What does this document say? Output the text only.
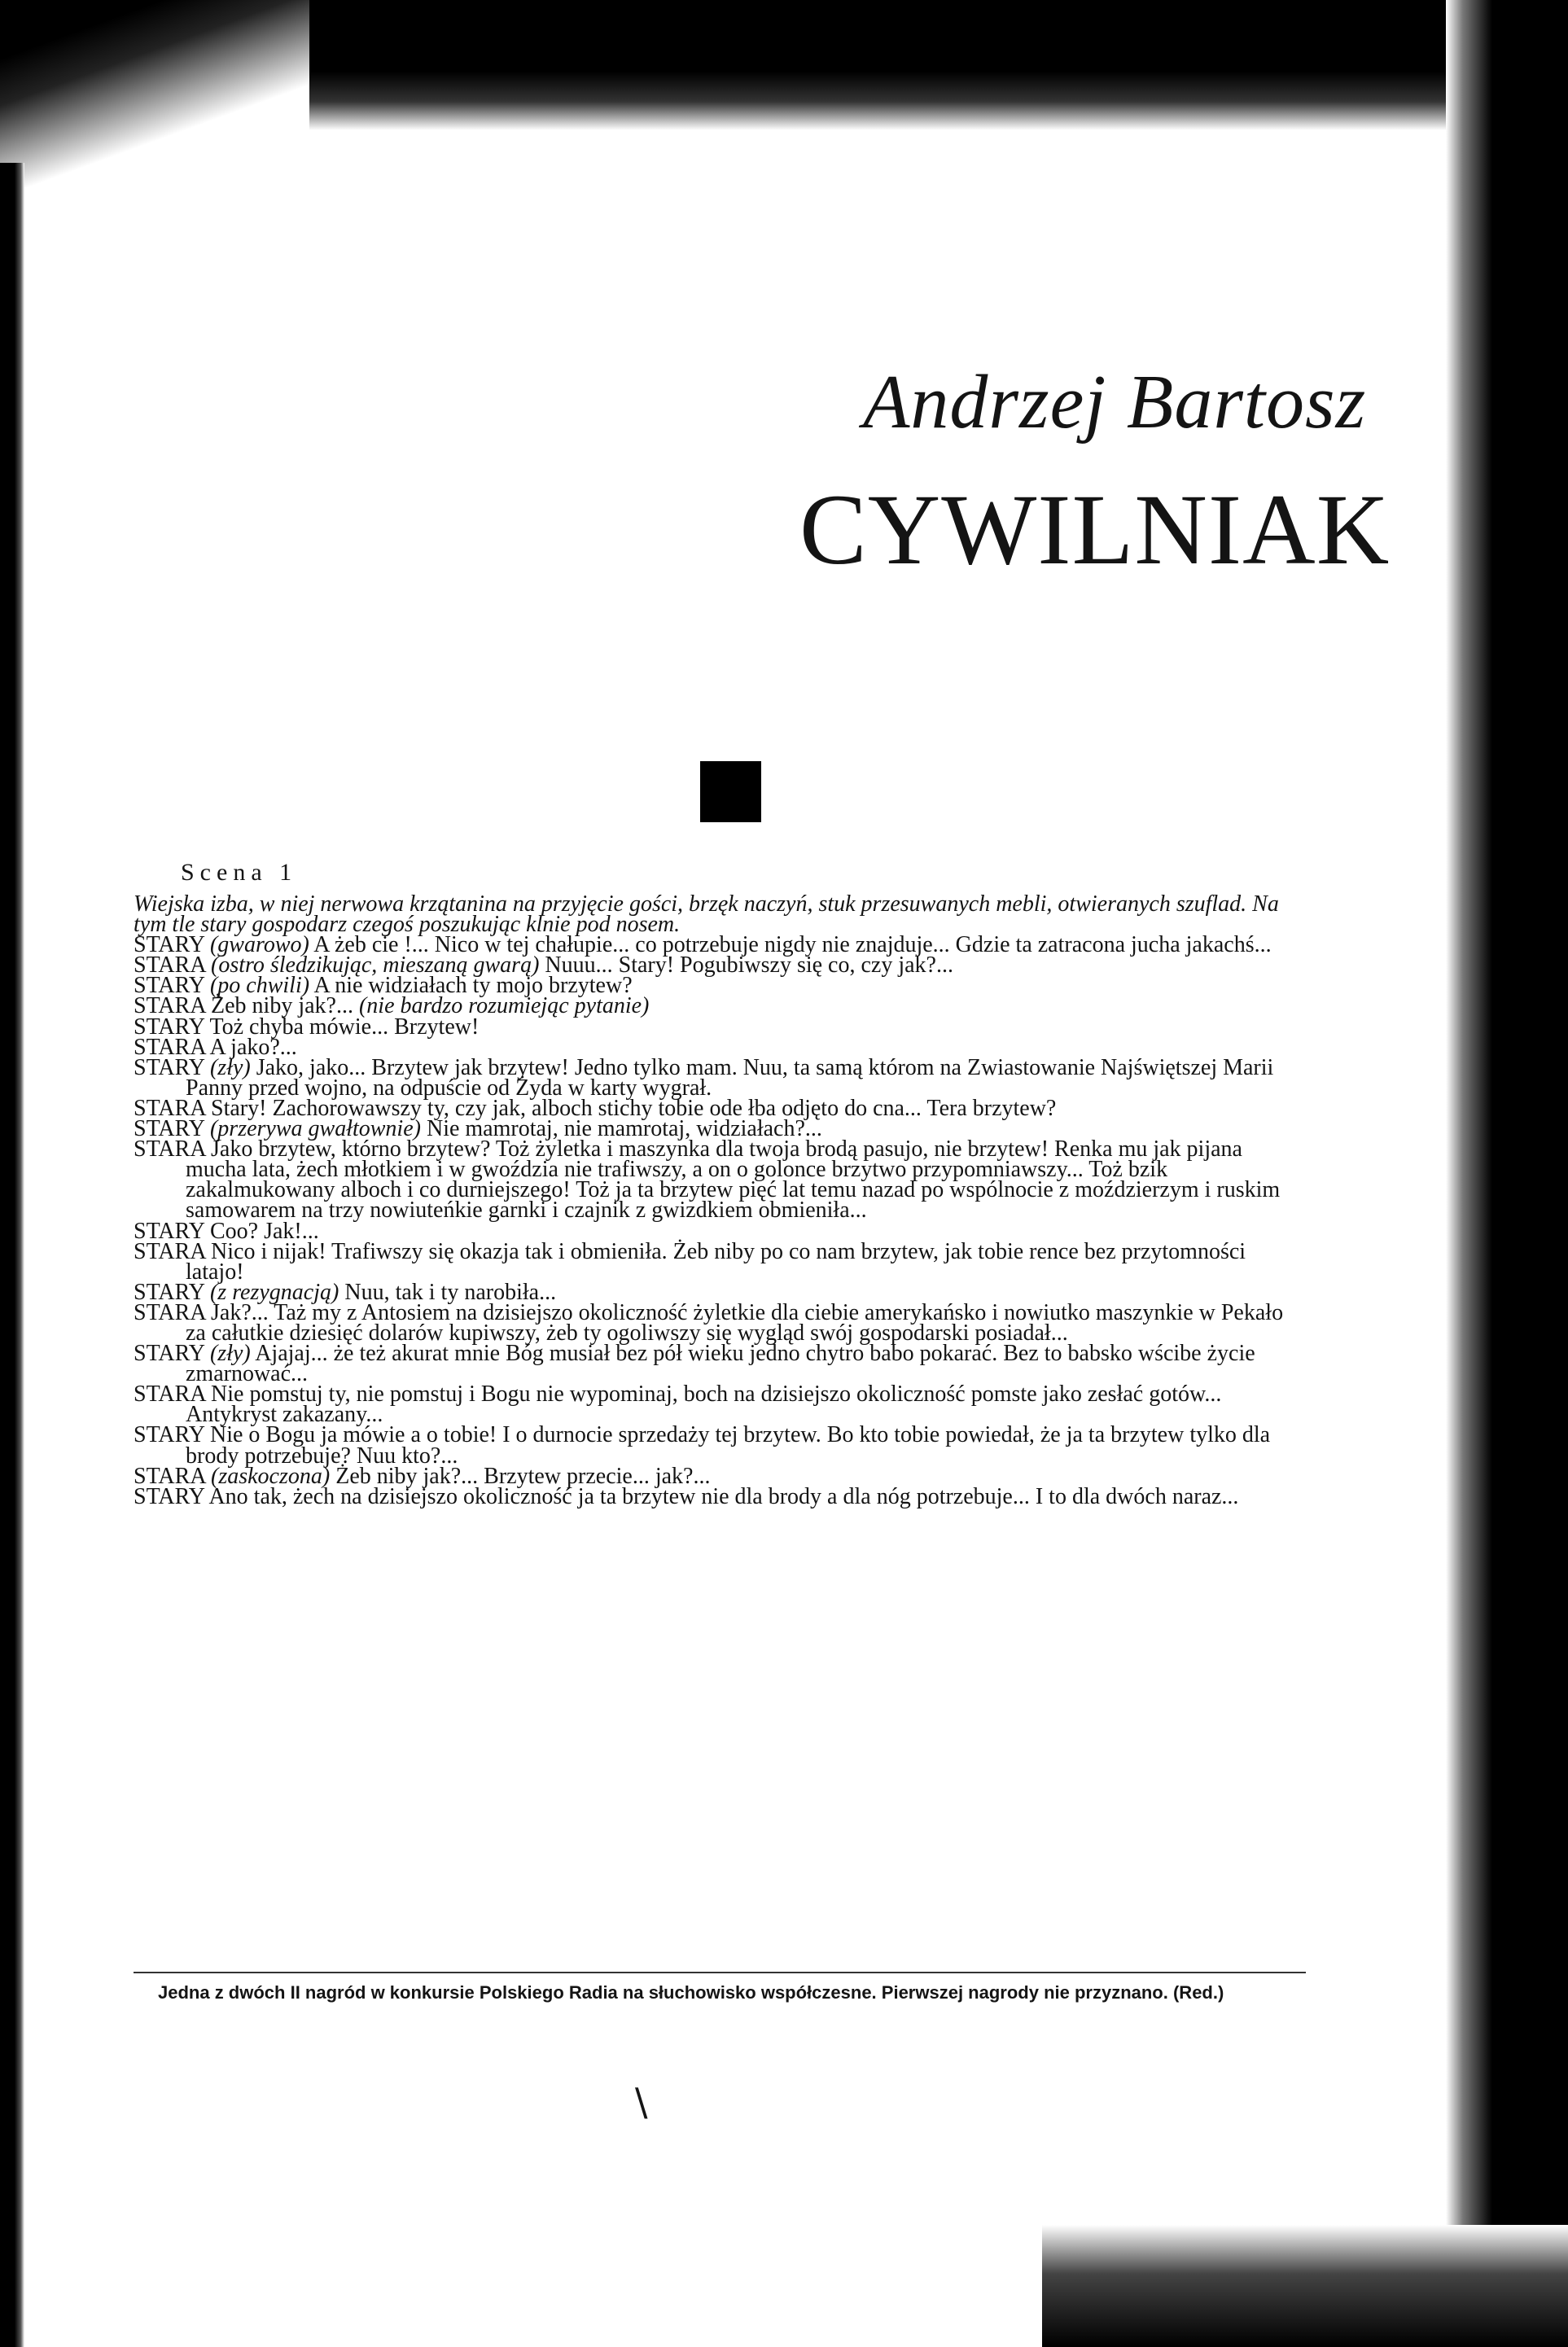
Andrzej Bartosz
CYWILNIAK

Scena 1

Wiejska izba, w niej nerwowa krzątanina na przyjęcie gości, brzęk naczyń, stuk przesuwanych mebli, otwieranych szuflad. Na tym tle stary gospodarz czegoś poszukując klnie pod nosem.

STARY (gwarowo) A żeb cie !... Nico w tej chałupie... co potrzebuje nigdy nie znajduje... Gdzie ta zatracona jucha jakachś...

STARA (ostro śledzikując, mieszaną gwarą) Nuuu... Stary! Pogubiwszy się co, czy jak?...

STARY (po chwili) A nie widziałach ty mojo brzytew?

STARA Żeb niby jak?... (nie bardzo rozumiejąc pytanie)

STARY Toż chyba mówie... Brzytew!

STARA A jako?...

STARY (zły) Jako, jako... Brzytew jak brzytew! Jedno tylko mam. Nuu, ta samą którom na Zwiastowanie Najświętszej Marii Panny przed wojno, na odpuście od Żyda w karty wygrał.

STARA Stary! Zachorowawszy ty, czy jak, alboch stichy tobie ode łba odjęto do cna... Tera brzytew?

STARY (przerywa gwałtownie) Nie mamrotaj, nie mamrotaj, widziałach?...

STARA Jako brzytew, którno brzytew? Toż żyletka i maszynka dla twoja brodą pasujo, nie brzytew! Renka mu jak pijana mucha lata, żech młotkiem i w gwoździa nie trafiwszy, a on o golonce brzytwo przypomniawszy... Toż bzik zakalmukowany alboch i co durniejszego! Toż ja ta brzytew pięć lat temu nazad po wspólnocie z moździerzym i ruskim samowarem na trzy nowiuteńkie garnki i czajnik z gwizdkiem obmieniła...

STARY Coo? Jak!...

STARA Nico i nijak! Trafiwszy się okazja tak i obmieniła. Żeb niby po co nam brzytew, jak tobie rence bez przytomności latajo!

STARY (z rezygnacją) Nuu, tak i ty narobiła...

STARA Jak?... Taż my z Antosiem na dzisiejszo okoliczność żyletkie dla ciebie amerykańsko i nowiutko maszynkie w Pekało za całutkie dziesięć dolarów kupiwszy, żeb ty ogoliwszy się wygląd swój gospodarski posiadał...

STARY (zły) Ajajaj... że też akurat mnie Bóg musiał bez pół wieku jedno chytro babo pokarać. Bez to babsko wścibe życie zmarnować...

STARA Nie pomstuj ty, nie pomstuj i Bogu nie wypominaj, boch na dzisiejszo okoliczność pomste jako zesłać gotów... Antykryst zakazany...

STARY Nie o Bogu ja mówie a o tobie! I o durnocie sprzedaży tej brzytew. Bo kto tobie powiedał, że ja ta brzytew tylko dla brody potrzebuje? Nuu kto?...

STARA (zaskoczona) Żeb niby jak?... Brzytew przecie... jak?...

STARY Ano tak, żech na dzisiejszo okoliczność ja ta brzytew nie dla brody a dla nóg potrzebuje... I to dla dwóch naraz...

Jedna z dwóch II nagród w konkursie Polskiego Radia na słuchowisko współczesne. Pierwszej nagrody nie przyznano. (Red.)

\
